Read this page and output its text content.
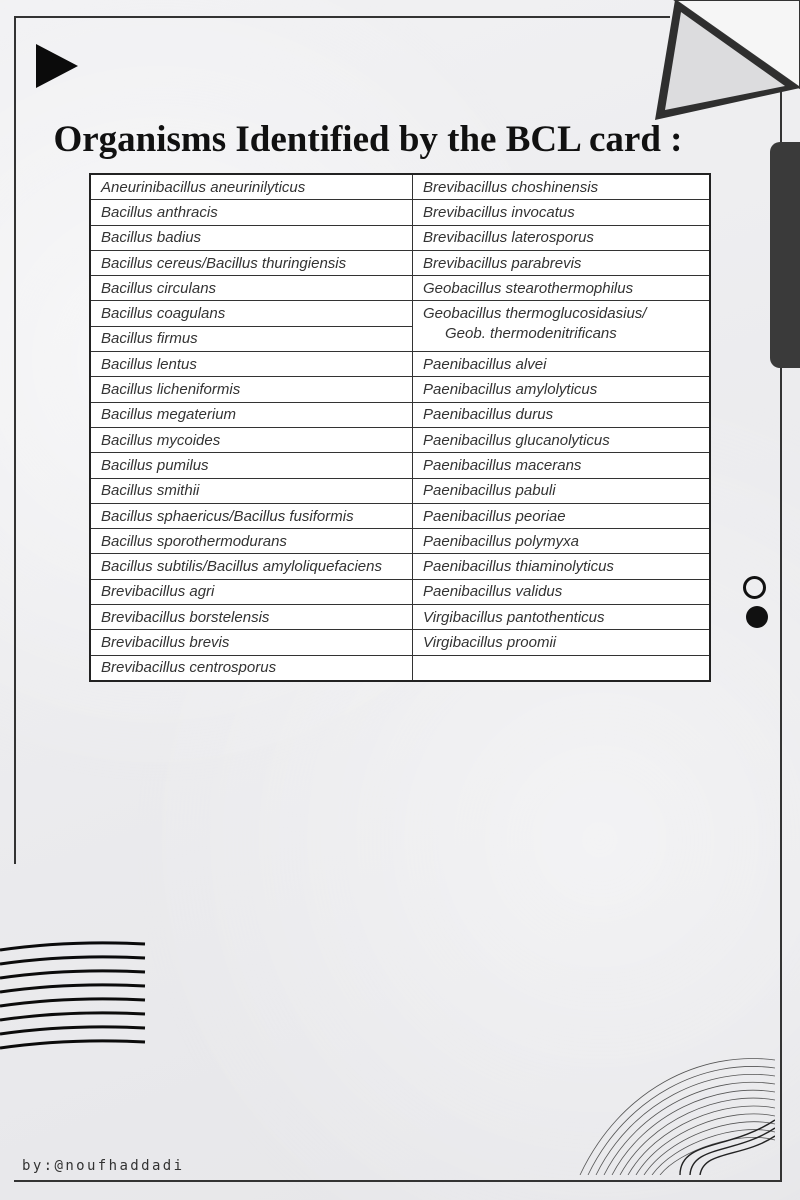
Organisms Identified by the BCL card :
Aneurinibacillus aneurinilyticus	Brevibacillus choshinensis
Bacillus anthracis	Brevibacillus invocatus
Bacillus badius	Brevibacillus laterosporus
Bacillus cereus/Bacillus thuringiensis	Brevibacillus parabrevis
Bacillus circulans	Geobacillus stearothermophilus
Bacillus coagulans	Geobacillus thermoglucosidasius/
Geob. thermodenitrificans

Bacillus firmus	
Bacillus lentus	Paenibacillus alvei
Bacillus licheniformis	Paenibacillus amylolyticus
Bacillus megaterium	Paenibacillus durus
Bacillus mycoides	Paenibacillus glucanolyticus
Bacillus pumilus	Paenibacillus macerans
Bacillus smithii	Paenibacillus pabuli
Bacillus sphaericus/Bacillus fusiformis	Paenibacillus peoriae
Bacillus sporothermodurans	Paenibacillus polymyxa
Bacillus subtilis/Bacillus amyloliquefaciens	Paenibacillus thiaminolyticus
Brevibacillus agri	Paenibacillus validus
Brevibacillus borstelensis	Virgibacillus pantothenticus
Brevibacillus brevis	Virgibacillus proomii
Brevibacillus centrosporus	

by:@noufhaddadi
